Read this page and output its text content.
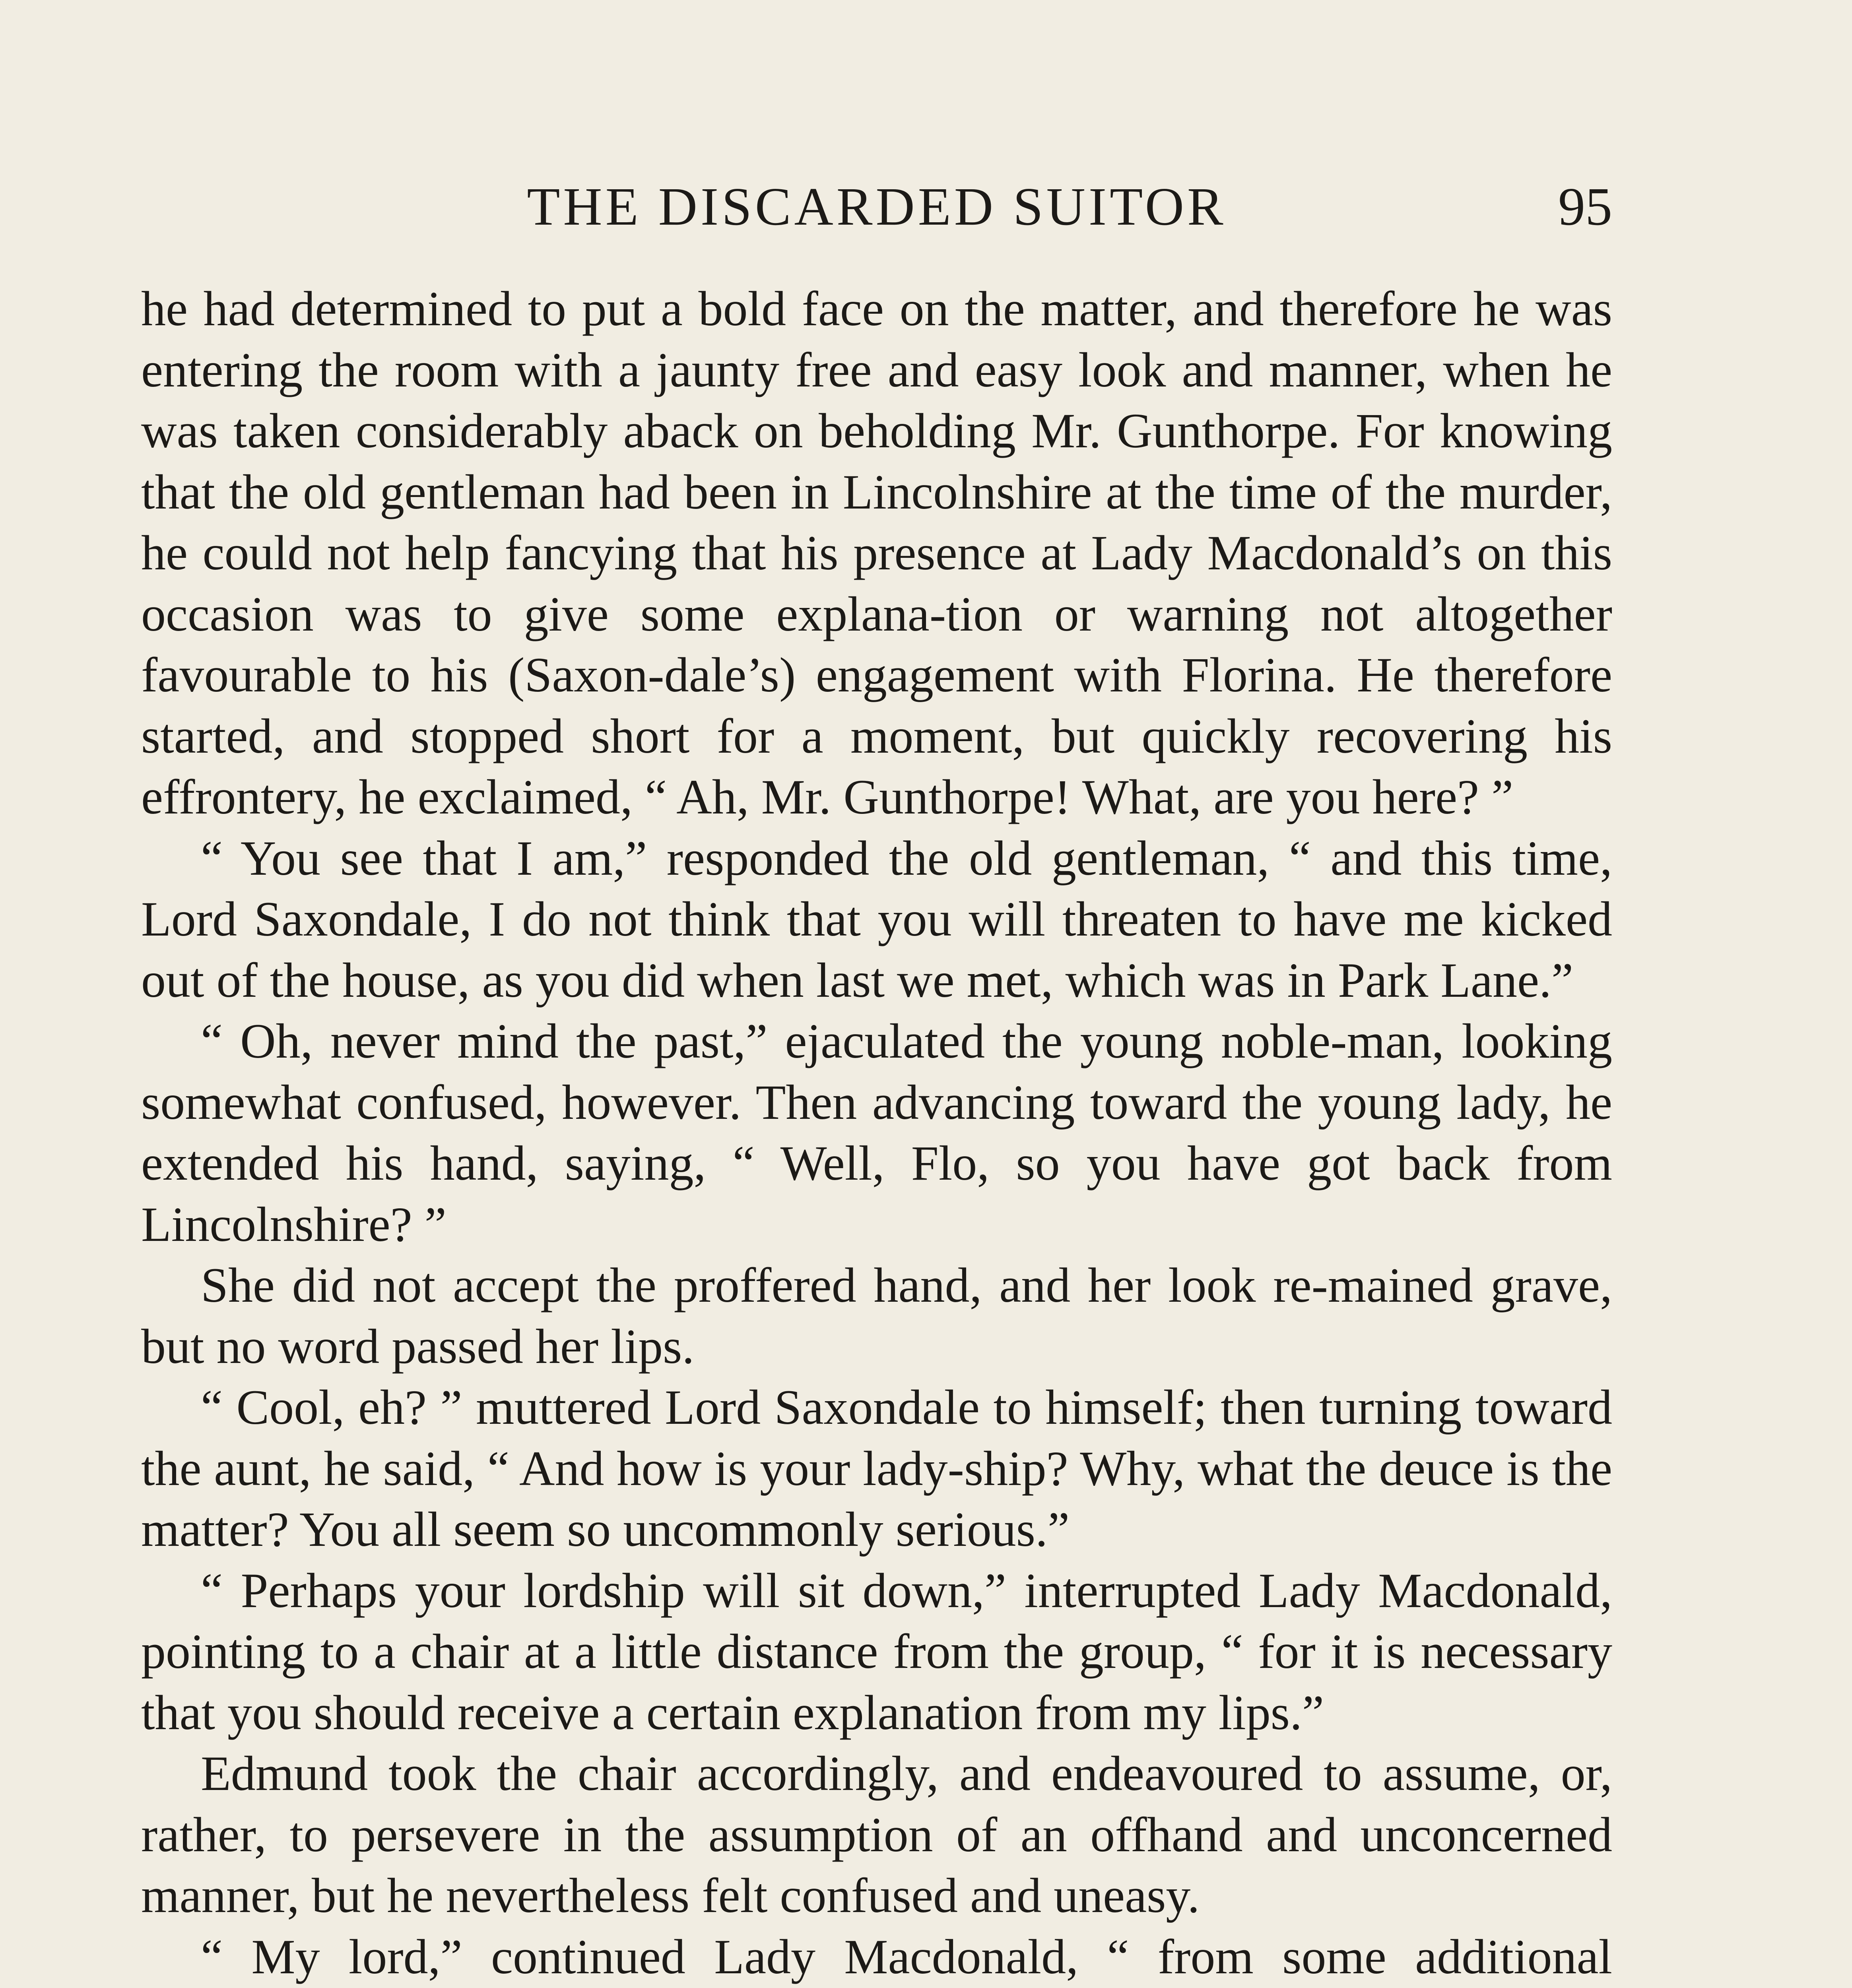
THE DISCARDED SUITOR	95

he had determined to put a bold face on the matter, and therefore he was entering the room with a jaunty free and easy look and manner, when he was taken considerably aback on beholding Mr. Gunthorpe. For knowing that the old gentleman had been in Lincolnshire at the time of the murder, he could not help fancying that his presence at Lady Macdonald’s on this occasion was to give some explana-tion or warning not altogether favourable to his (Saxon-dale’s) engagement with Florina. He therefore started, and stopped short for a moment, but quickly recovering his effrontery, he exclaimed, “ Ah, Mr. Gunthorpe! What, are you here? ”

“ You see that I am,” responded the old gentleman, “ and this time, Lord Saxondale, I do not think that you will threaten to have me kicked out of the house, as you did when last we met, which was in Park Lane.”

“ Oh, never mind the past,” ejaculated the young noble-man, looking somewhat confused, however. Then advancing toward the young lady, he extended his hand, saying, “ Well, Flo, so you have got back from Lincolnshire? ”

She did not accept the proffered hand, and her look re-mained grave, but no word passed her lips.

“ Cool, eh? ” muttered Lord Saxondale to himself; then turning toward the aunt, he said, “ And how is your lady-ship? Why, what the deuce is the matter? You all seem so uncommonly serious.”

“ Perhaps your lordship will sit down,” interrupted Lady Macdonald, pointing to a chair at a little distance from the group, “ for it is necessary that you should receive a certain explanation from my lips.”

Edmund took the chair accordingly, and endeavoured to assume, or, rather, to persevere in the assumption of an offhand and unconcerned manner, but he nevertheless felt confused and uneasy.

“ My lord,” continued Lady Macdonald, “ from some additional
